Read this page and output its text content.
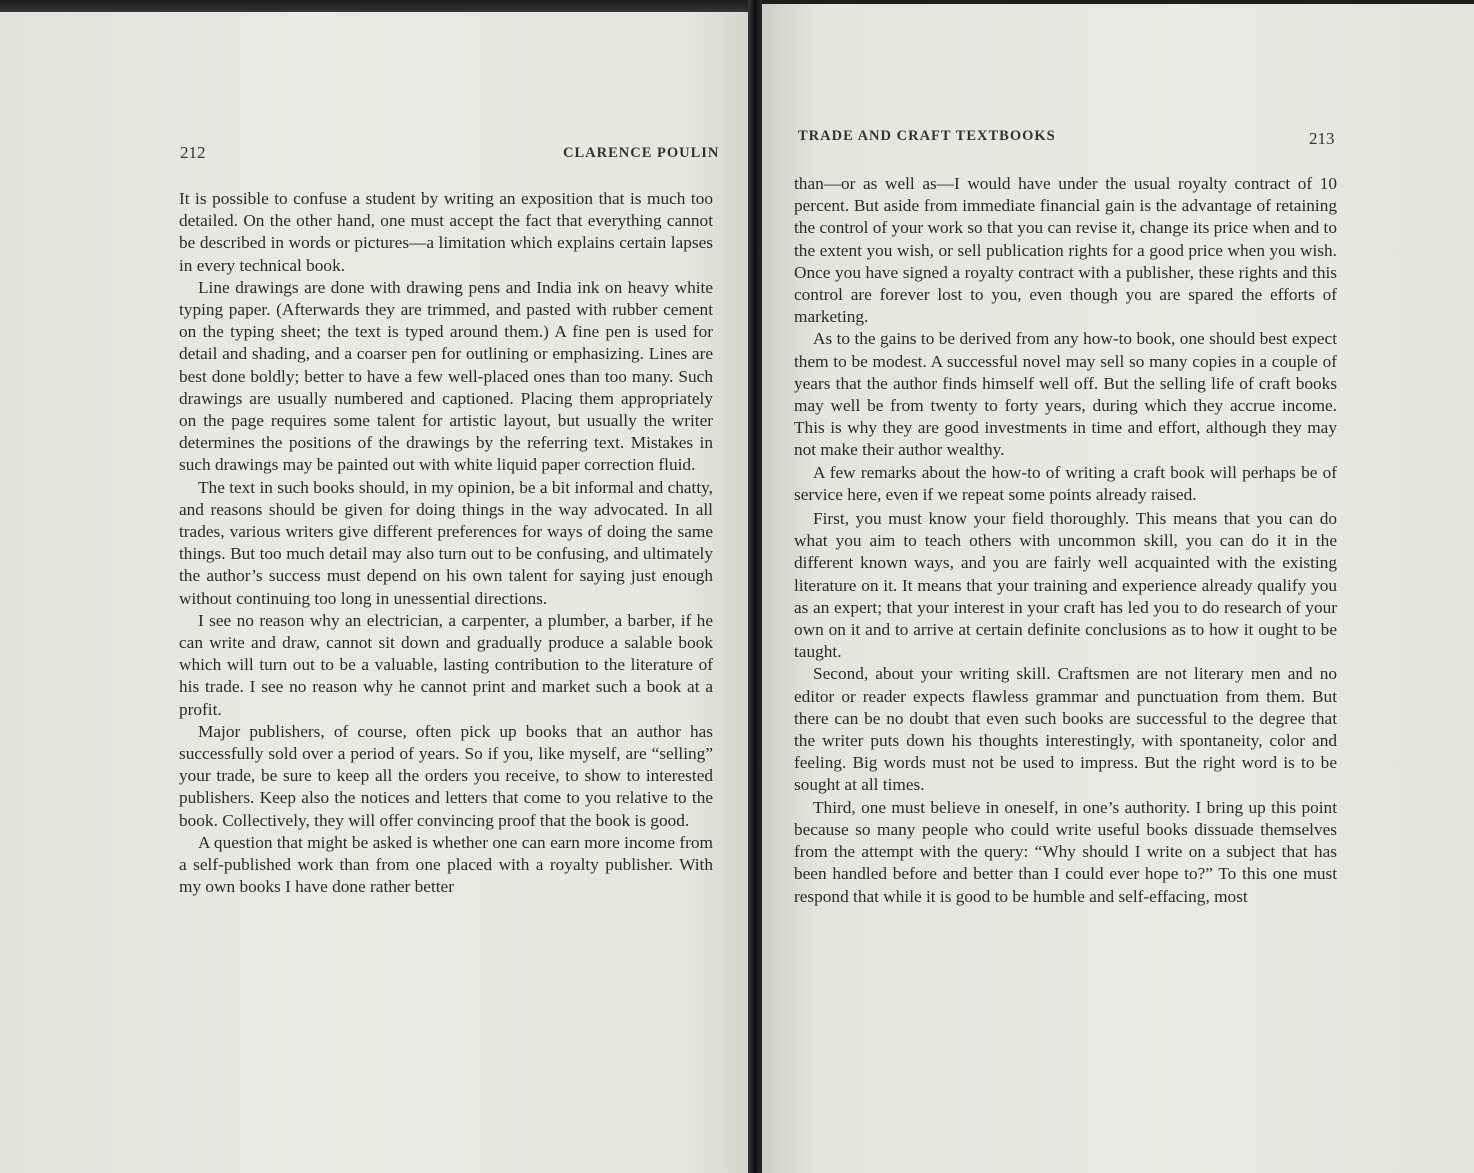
212	CLARENCE POULIN

It is possible to confuse a student by writing an exposition that is much too detailed. On the other hand, one must accept the fact that everything cannot be described in words or pictures—a limitation which explains certain lapses in every technical book.

Line drawings are done with drawing pens and India ink on heavy white typing paper. (Afterwards they are trimmed, and pasted with rubber cement on the typing sheet; the text is typed around them.) A fine pen is used for detail and shading, and a coarser pen for outlining or emphasizing. Lines are best done boldly; better to have a few well-placed ones than too many. Such drawings are usually numbered and captioned. Placing them appropriately on the page requires some talent for artistic layout, but usually the writer determines the positions of the drawings by the referring text. Mistakes in such drawings may be painted out with white liquid paper correction fluid.

The text in such books should, in my opinion, be a bit informal and chatty, and reasons should be given for doing things in the way advocated. In all trades, various writers give different preferences for ways of doing the same things. But too much detail may also turn out to be confusing, and ultimately the author’s success must depend on his own talent for saying just enough without continuing too long in unessential directions.

I see no reason why an electrician, a carpenter, a plumber, a barber, if he can write and draw, cannot sit down and gradually produce a salable book which will turn out to be a valuable, lasting contribution to the literature of his trade. I see no reason why he cannot print and market such a book at a profit.

Major publishers, of course, often pick up books that an author has successfully sold over a period of years. So if you, like myself, are “selling” your trade, be sure to keep all the orders you receive, to show to interested publishers. Keep also the notices and letters that come to you relative to the book. Collectively, they will offer convincing proof that the book is good.

A question that might be asked is whether one can earn more income from a self-published work than from one placed with a royalty publisher. With my own books I have done rather better

TRADE AND CRAFT TEXTBOOKS	213

than—or as well as—I would have under the usual royalty contract of 10 percent. But aside from immediate financial gain is the advantage of retaining the control of your work so that you can revise it, change its price when and to the extent you wish, or sell publication rights for a good price when you wish. Once you have signed a royalty contract with a publisher, these rights and this control are forever lost to you, even though you are spared the efforts of marketing.

As to the gains to be derived from any how-to book, one should best expect them to be modest. A successful novel may sell so many copies in a couple of years that the author finds himself well off. But the selling life of craft books may well be from twenty to forty years, during which they accrue income. This is why they are good investments in time and effort, although they may not make their author wealthy.

A few remarks about the how-to of writing a craft book will perhaps be of service here, even if we repeat some points already raised.

First, you must know your field thoroughly. This means that you can do what you aim to teach others with uncommon skill, you can do it in the different known ways, and you are fairly well acquainted with the existing literature on it. It means that your training and experience already qualify you as an expert; that your interest in your craft has led you to do research of your own on it and to arrive at certain definite conclusions as to how it ought to be taught.

Second, about your writing skill. Craftsmen are not literary men and no editor or reader expects flawless grammar and punctuation from them. But there can be no doubt that even such books are successful to the degree that the writer puts down his thoughts interestingly, with spontaneity, color and feeling. Big words must not be used to impress. But the right word is to be sought at all times.

Third, one must believe in oneself, in one’s authority. I bring up this point because so many people who could write useful books dissuade themselves from the attempt with the query: “Why should I write on a subject that has been handled before and better than I could ever hope to?” To this one must respond that while it is good to be humble and self-effacing, most
